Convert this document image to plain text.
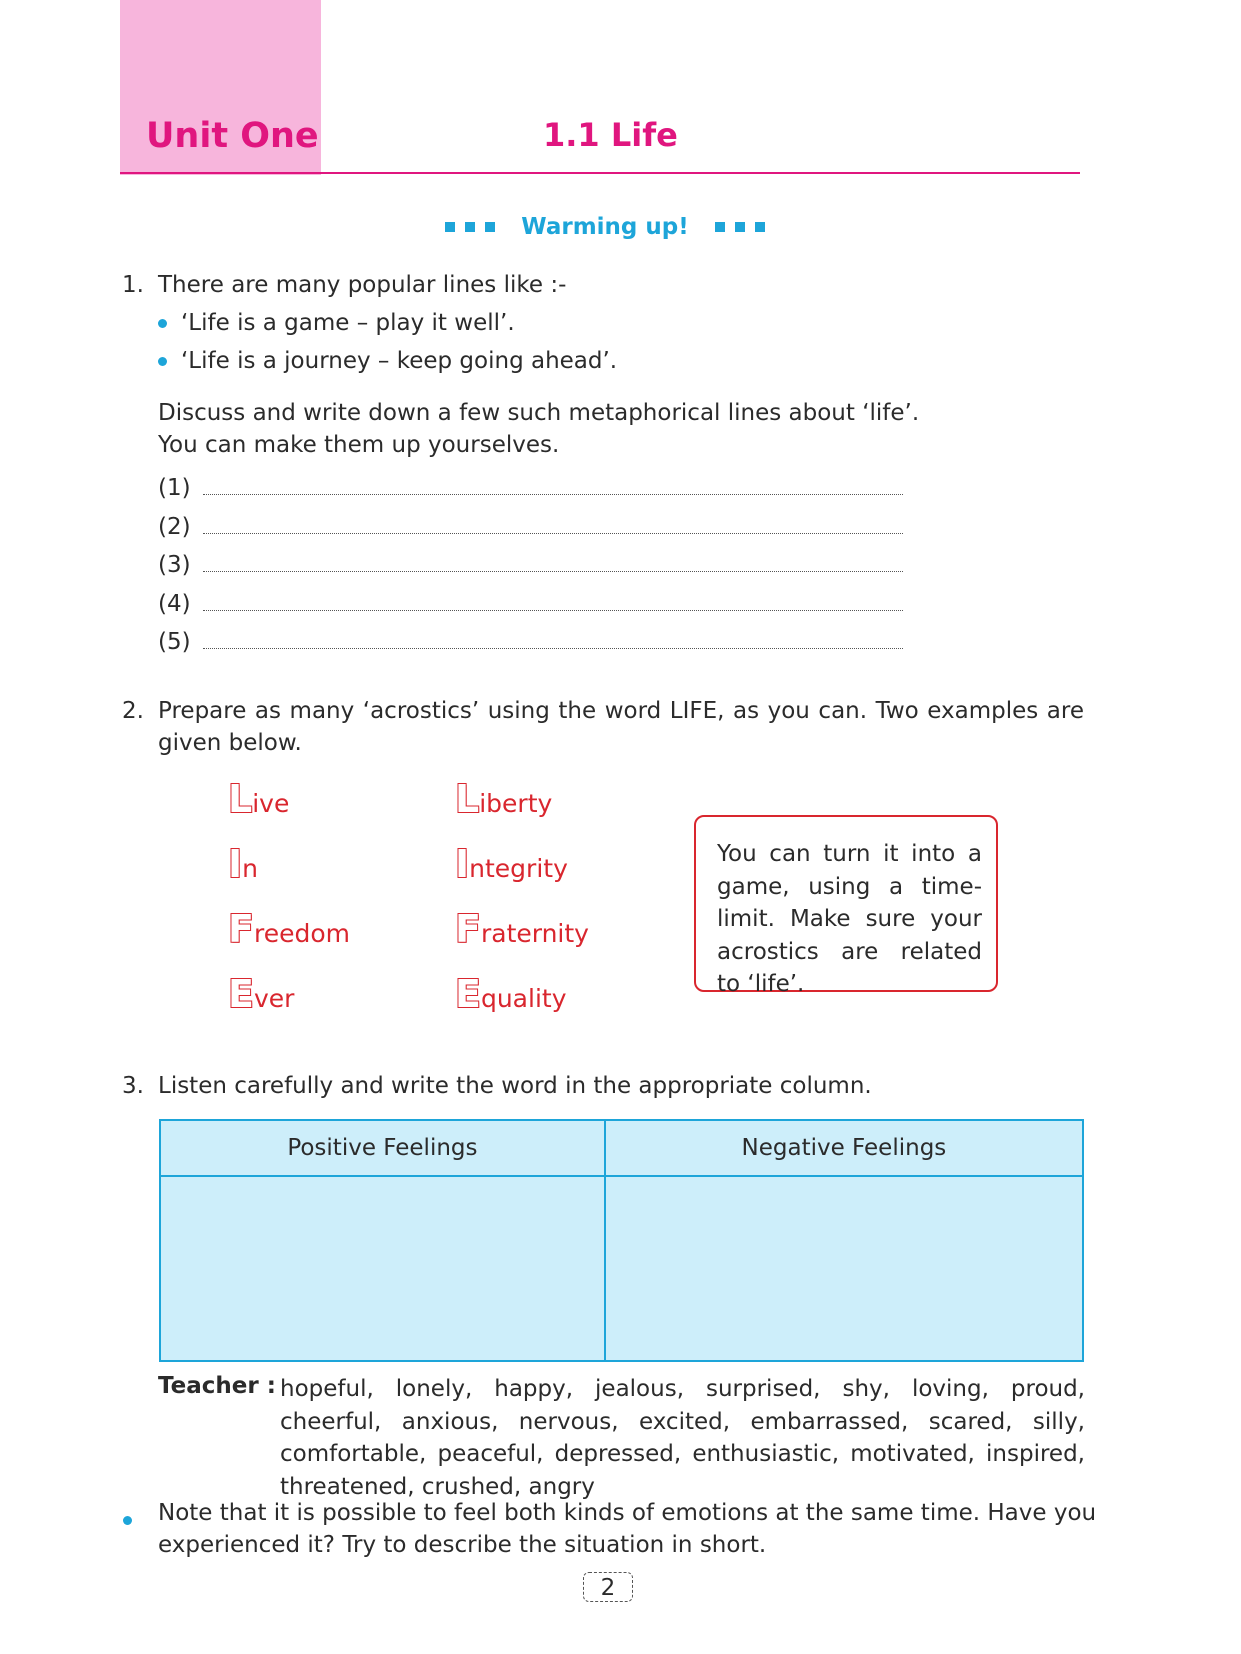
Unit One	1.1 Life
Warming up!
1. There are many popular lines like :-
‘Life is a game – play it well’.
‘Life is a journey – keep going ahead’.
Discuss and write down a few such metaphorical lines about ‘life’.
You can make them up yourselves.
(1)
(2)
(3)
(4)
(5)
2. Prepare as many ‘acrostics’ using the word LIFE, as you can. Two examples are
given below.
Live
In
Freedom
Ever
Liberty
Integrity
Fraternity
Equality
You can turn it into a game, using a time-limit. Make sure your acrostics are related to ‘life’.
3. Listen carefully and write the word in the appropriate column.
Positive Feelings	Negative Feelings

Teacher : hopeful, lonely, happy, jealous, surprised, shy, loving, proud, cheerful, anxious, nervous, excited, embarrassed, scared, silly, comfortable, peaceful, depressed, enthusiastic, motivated, inspired, threatened, crushed, angry
Note that it is possible to feel both kinds of emotions at the same time. Have you
experienced it? Try to describe the situation in short.
2
